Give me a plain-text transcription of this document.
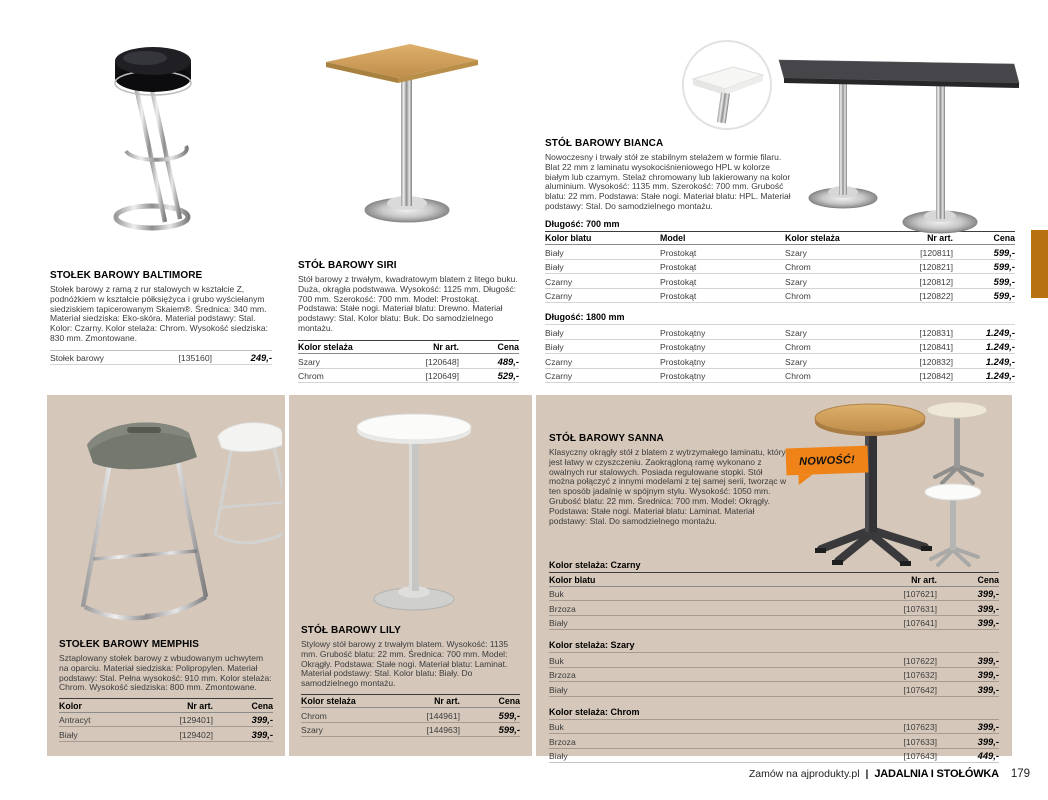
STOŁEK BAROWY BALTIMORE

Stołek barowy z ramą z rur stalowych w kształcie Z, podnóżkiem w kształcie półksiężyca i grubo wyściełanym siedziskiem tapicerowanym Skaiem®. Średnica: 340 mm. Materiał siedziska: Eko-skóra. Materiał podstawy: Stal. Kolor: Czarny. Kolor stelaża: Chrom. Wysokość siedziska: 830 mm. Zmontowane.

Stołek barowy	[135160]	249,-
STÓŁ BAROWY SIRI

Stół barowy z trwałym, kwadratowym blatem z litego buku. Duża, okrągła podstwawa. Wysokość: 1125 mm. Długość: 700 mm. Szerokość: 700 mm. Model: Prostokąt. Podstawa: Stałe nogi. Materiał blatu: Drewno. Materiał podstawy: Stal. Kolor blatu: Buk. Do samodzielnego montażu.

Kolor stelaża	Nr art.	Cena
Szary	[120648]	489,-
Chrom	[120649]	529,-
STÓŁ BAROWY BIANCA

Nowoczesny i trwały stół ze stabilnym stelażem w formie filaru. Blat 22 mm z laminatu wysokociśnieniowego HPL w kolorze białym lub czarnym. Stelaż chromowany lub lakierowany na kolor aluminium. Wysokość: 1135 mm. Szerokość: 700 mm. Grubość blatu: 22 mm. Podstawa: Stałe nogi. Materiał blatu: HPL. Materiał podstawy: Stal. Do samodzielnego montażu.

Długość: 700 mm
Kolor blatu	Model	Kolor stelaża	Nr art.	Cena
Biały	Prostokąt	Szary	[120811]	599,-
Biały	Prostokąt	Chrom	[120821]	599,-
Czarny	Prostokąt	Szary	[120812]	599,-
Czarny	Prostokąt	Chrom	[120822]	599,-
Długość: 1800 mm
Biały	Prostokątny	Szary	[120831]	1.249,-
Biały	Prostokątny	Chrom	[120841]	1.249,-
Czarny	Prostokątny	Szary	[120832]	1.249,-
Czarny	Prostokątny	Chrom	[120842]	1.249,-
STOŁEK BAROWY MEMPHIS

Sztaplowany stołek barowy z wbudowanym uchwytem na oparciu. Materiał siedziska: Polipropylen. Materiał podstawy: Stal. Pełna wysokość: 910 mm. Kolor stelaża: Chrom. Wysokość siedziska: 800 mm. Zmontowane.

Kolor	Nr art.	Cena
Antracyt	[129401]	399,-
Biały	[129402]	399,-
STÓŁ BAROWY LILY

Stylowy stół barowy z trwałym blatem. Wysokość: 1135 mm. Grubość blatu: 22 mm. Średnica: 700 mm. Model: Okrągły. Podstawa: Stałe nogi. Materiał blatu: Laminat. Materiał podstawy: Stal. Kolor blatu: Biały. Do samodzielnego montażu.

Kolor stelaża	Nr art.	Cena
Chrom	[144961]	599,-
Szary	[144963]	599,-
NOWOŚĆ!
STÓŁ BAROWY SANNA

Klasyczny okrągły stół z blatem z wytrzymałego laminatu, który jest łatwy w czyszczeniu. Zaokrągloną ramę wykonano z owalnych rur stalowych. Posiada regulowane stopki. Stół można połączyć z innymi modelami z tej samej serii, tworząc w ten sposób jadalnię w spójnym stylu. Wysokość: 1050 mm. Grubość blatu: 22 mm. Średnica: 700 mm. Model: Okrągły. Podstawa: Stałe nogi. Materiał blatu: Laminat. Materiał podstawy: Stal. Do samodzielnego montażu.

Kolor stelaża: Czarny
Kolor blatu	Nr art.	Cena
Buk	[107621]	399,-
Brzoza	[107631]	399,-
Biały	[107641]	399,-
Kolor stelaża: Szary
Buk	[107622]	399,-
Brzoza	[107632]	399,-
Biały	[107642]	399,-
Kolor stelaża: Chrom
Buk	[107623]	399,-
Brzoza	[107633]	399,-
Biały	[107643]	449,-
Zamów na ajprodukty.pl | JADALNIA I STOŁÓWKA 179
